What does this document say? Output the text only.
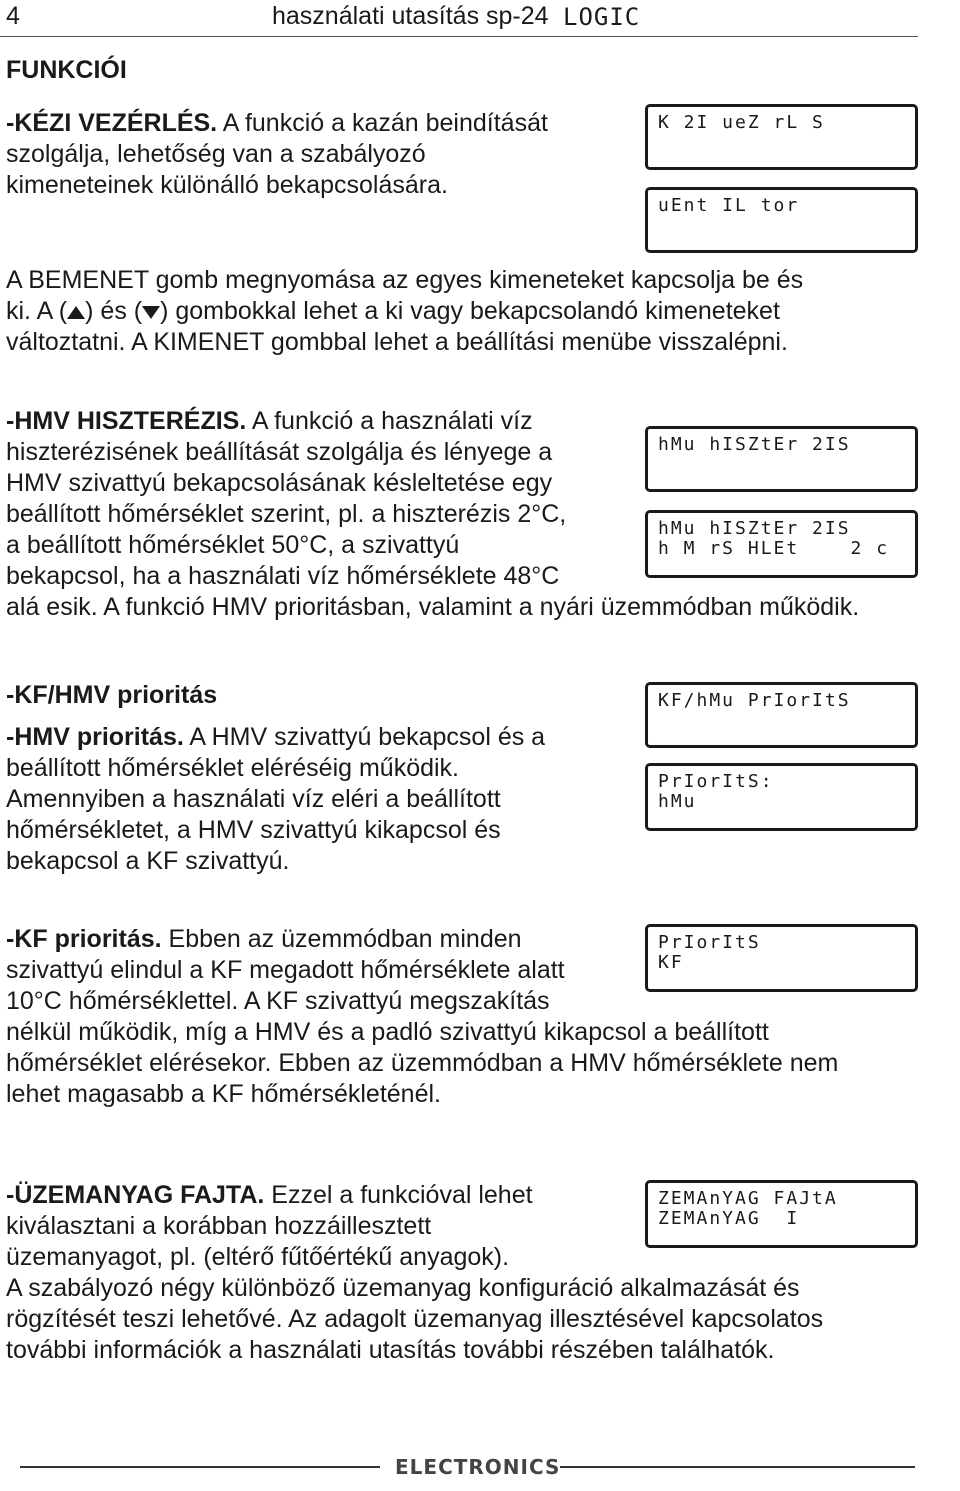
4	használati utasítás sp-24 LOGIC
FUNKCIÓI
-KÉZI VEZÉRLÉS. A funkció a kazán beindítását
szolgálja, lehetőség van a szabályozó
kimeneteinek különálló bekapcsolására.
K 2I ueZ rL S
uEnt IL tor
A BEMENET gomb megnyomása az egyes kimeneteket kapcsolja be és
ki. A ( ) és ( ) gombokkal lehet a ki vagy bekapcsolandó kimeneteket
változtatni. A KIMENET gombbal lehet a beállítási menübe visszalépni.
-HMV HISZTERÉZIS. A funkció a használati víz
hiszterézisének beállítását szolgálja és lényege a
HMV szivattyú bekapcsolásának késleltetése egy
beállított hőmérséklet szerint, pl. a hiszterézis 2°C,
a beállított hőmérséklet 50°C, a szivattyú
bekapcsol, ha a használati víz hőmérséklete 48°C
alá esik. A funkció HMV prioritásban, valamint a nyári üzemmódban működik.
hMu hISZtEr 2IS
hMu hISZtEr 2IS
h M rS HLEt    2 c
-KF/HMV prioritás
-HMV prioritás. A HMV szivattyú bekapcsol és a
beállított hőmérséklet eléréséig működik.
Amennyiben a használati víz eléri a beállított
hőmérsékletet, a HMV szivattyú kikapcsol és
bekapcsol a KF szivattyú.
KF/hMu PrIorItS
PrIorItS:
hMu
-KF prioritás. Ebben az üzemmódban minden
szivattyú elindul a KF megadott hőmérséklete alatt
10°C hőmérséklettel. A KF szivattyú megszakítás
nélkül működik, míg a HMV és a padló szivattyú kikapcsol a beállított
hőmérséklet elérésekor. Ebben az üzemmódban a HMV hőmérséklete nem
lehet magasabb a KF hőmérsékleténél.
PrIorItS
KF
-ÜZEMANYAG FAJTA. Ezzel a funkcióval lehet
kiválasztani a korábban hozzáillesztett
üzemanyagot, pl. (eltérő fűtőértékű anyagok).
A szabályozó négy különböző üzemanyag konfiguráció alkalmazását és
rögzítését teszi lehetővé. Az adagolt üzemanyag illesztésével kapcsolatos
további információk a használati utasítás további részében találhatók.
ZEMAnYAG FAJtA
ZEMAnYAG  I
ELECTRONICS
